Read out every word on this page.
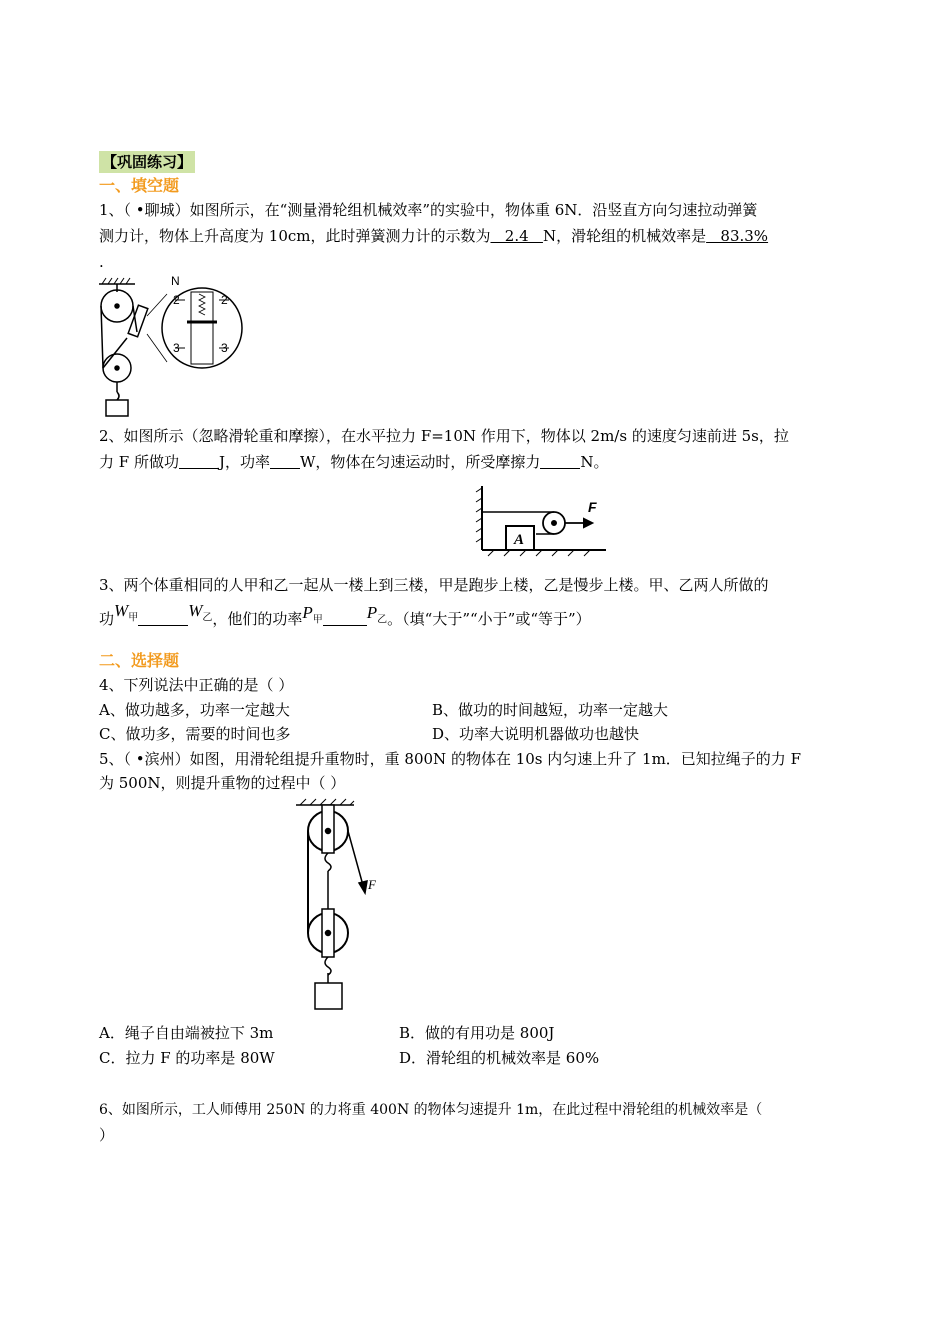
【巩固练习】
一、填空题
1、（ •聊城）如图所示，在“测量滑轮组机械效率”的实验中，物体重 6N．沿竖直方向匀速拉动弹簧
测力计，物体上升高度为 10cm，此时弹簧测力计的示数为   2.4   N，滑轮组的机械效率是   83.3%
.
N
2	2
3	3
2、如图所示（忽略滑轮重和摩擦），在水平拉力 F=10N 作用下，物体以 2m/s 的速度匀速前进 5s，拉
力 F 所做功	J，功率 W，物体在匀速运动时，所受摩擦力	N。
A
F
3、两个体重相同的人甲和乙一起从一楼上到三楼，甲是跑步上楼，乙是慢步上楼。甲、乙两人所做的
功$W_甲$	$W_乙$，他们的功率$P_甲$	$P_乙$。（填“大于”“小于”或“等于”）
二、选择题
4、下列说法中正确的是（ ）
A、做功越多，功率一定越大	B、做功的时间越短，功率一定越大
C、做功多，需要的时间也多	D、功率大说明机器做功也越快
5、（ •滨州）如图，用滑轮组提升重物时，重 800N 的物体在 10s 内匀速上升了 1m．已知拉绳子的力 F
为 500N，则提升重物的过程中（ ）
F
A．绳子自由端被拉下 3m	B．做的有用功是 800J
C．拉力 F 的功率是 80W	D．滑轮组的机械效率是 60%
6、如图所示，工人师傅用 250N 的力将重 400N 的物体匀速提升 1m，在此过程中滑轮组的机械效率是（
）
